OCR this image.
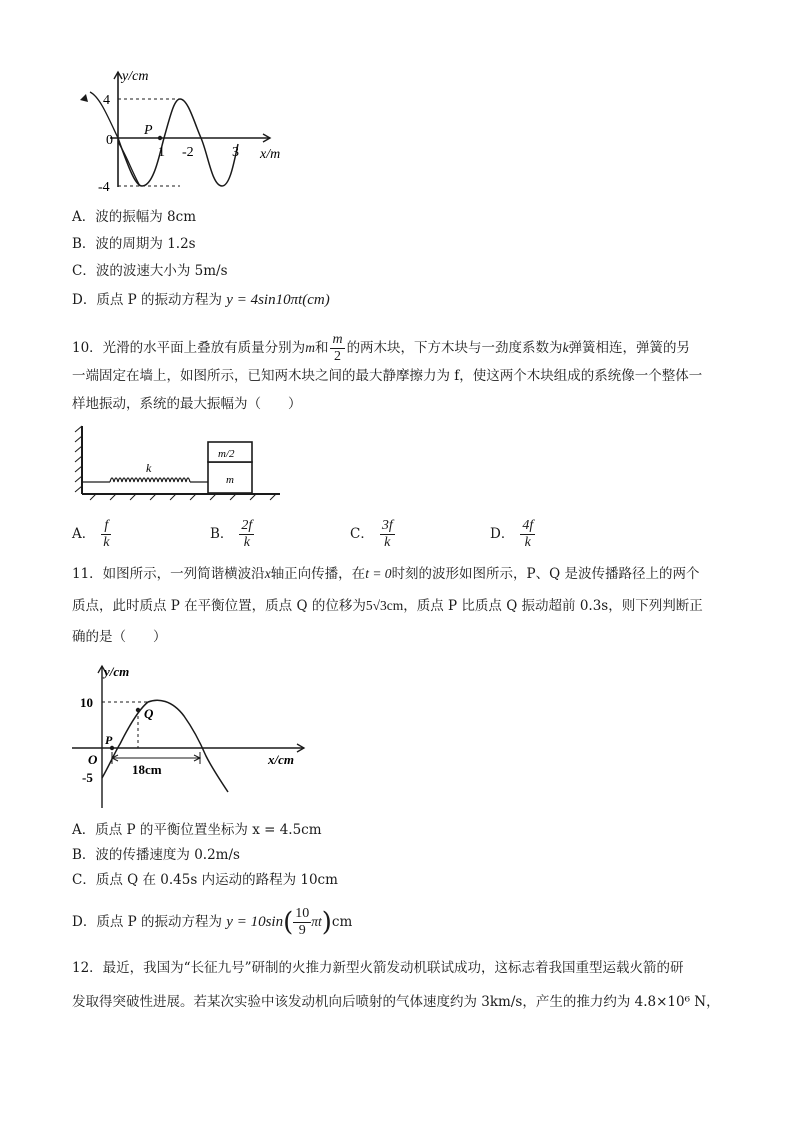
y/cm
x/m
4
-4
0
1 -2	3
P
A．波的振幅为 8cm
B．波的周期为 1.2s
C．波的波速大小为 5m/s
D．质点 P 的振动方程为 y = 4sin10πt(cm)
10．光滑的水平面上叠放有质量分别为m和 $\frac{m}{2}$ 的两木块，下方木块与一劲度系数为k弹簧相连，弹簧的另
一端固定在墙上，如图所示，已知两木块之间的最大静摩擦力为 f，使这两个木块组成的系统像一个整体一
样地振动，系统的最大振幅为（　　）
m/2
m
k
A． $\frac{f}{k}$	B． $\frac{2f}{k}$	C． $\frac{3f}{k}$	D． $\frac{4f}{k}$
11．如图所示，一列简谐横波沿x轴正向传播，在t = 0时刻的波形如图所示，P、Q 是波传播路径上的两个
质点，此时质点 P 在平衡位置，质点 Q 的位移为5√3cm，质点 P 比质点 Q 振动超前 0.3s，则下列判断正
确的是（　　）
y/cm
x/cm
10
-5
O
P
Q
18cm
A．质点 P 的平衡位置坐标为 x = 4.5cm
B．波的传播速度为 0.2m/s
C．质点 Q 在 0.45s 内运动的路程为 10cm
D．质点 P 的振动方程为 $y = 10\sin( \frac{10}{9} \pi t)cm$
12．最近，我国为“长征九号”研制的火推力新型火箭发动机联试成功，这标志着我国重型运载火箭的研
发取得突破性进展。若某次实验中该发动机向后喷射的气体速度约为 3km/s，产生的推力约为 4.8×10⁶ N，
